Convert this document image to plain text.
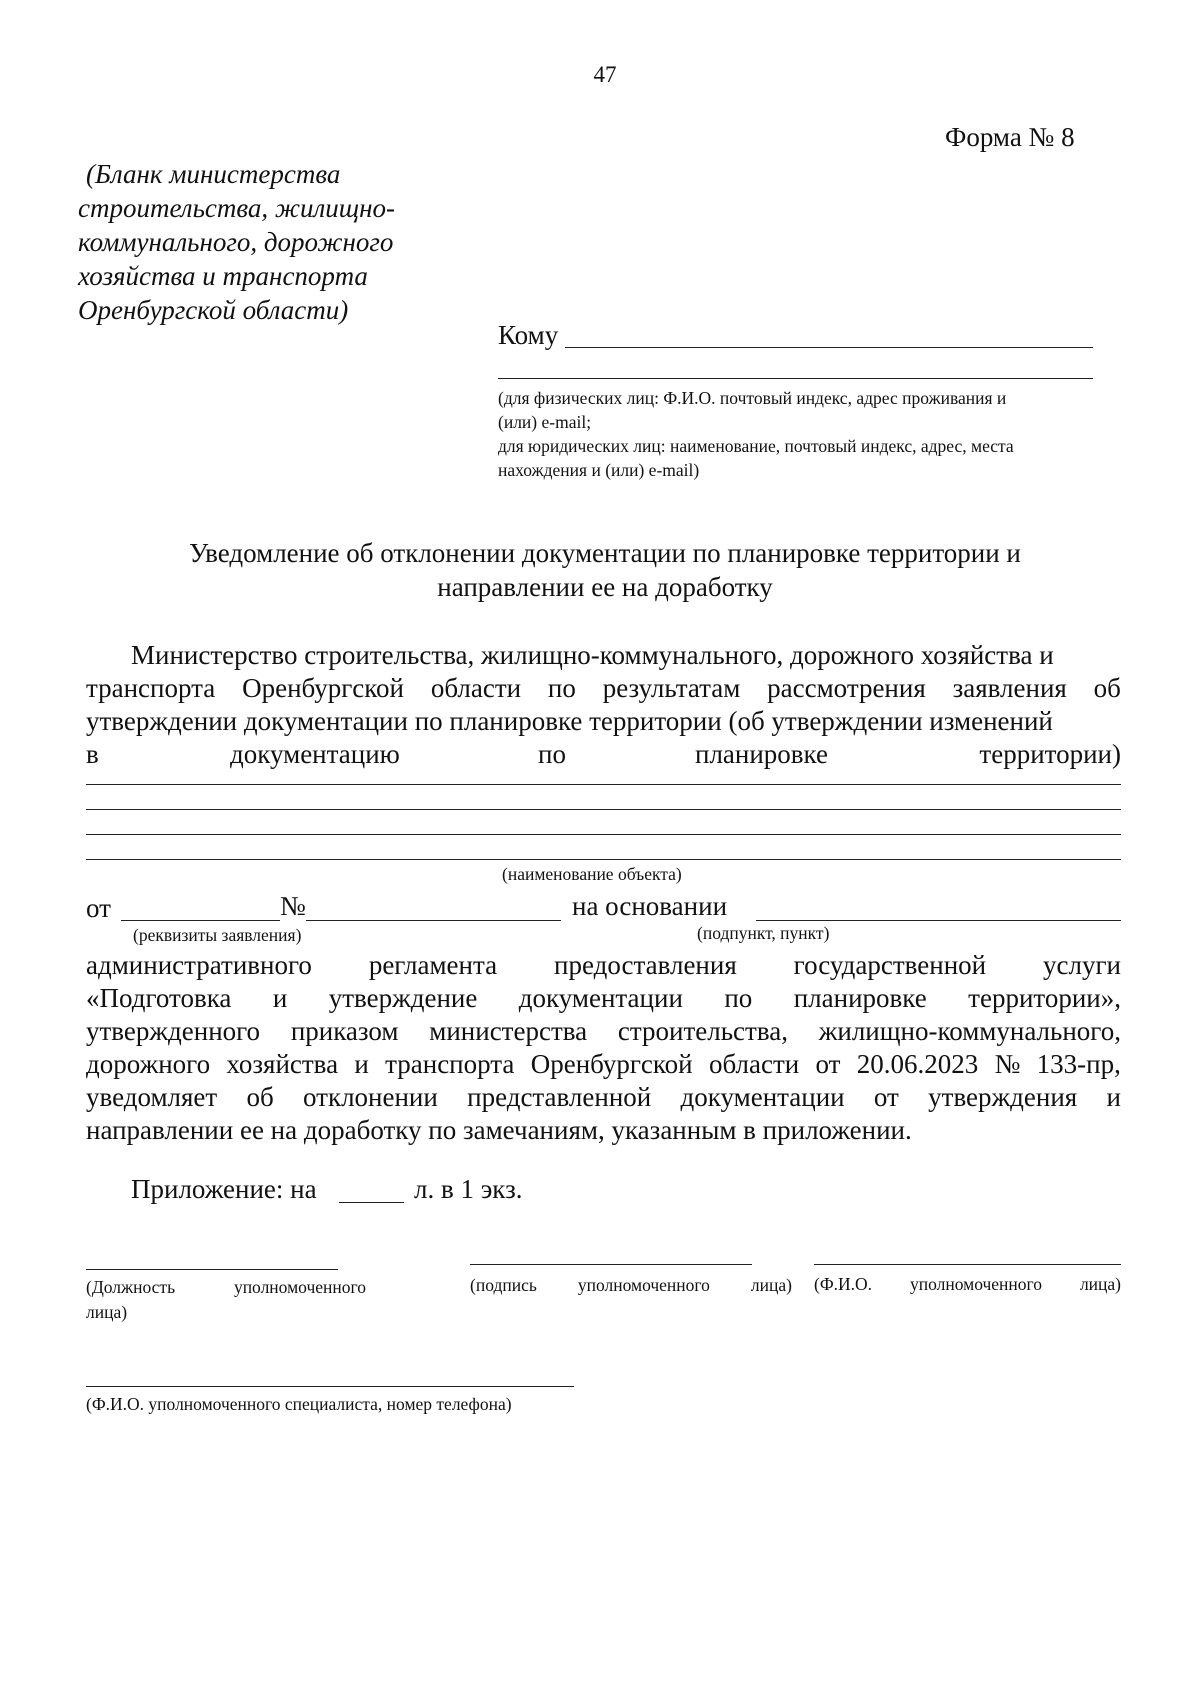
47
Форма № 8
(Бланк министерства
строительства, жилищно-
коммунального, дорожного
хозяйства и транспорта
Оренбургской области)
Кому
(для физических лиц: Ф.И.О. почтовый индекс, адрес проживания и
(или) e-mail;
для юридических лиц: наименование, почтовый индекс, адрес, места
нахождения и (или) e-mail)
Уведомление об отклонении документации по планировке территории и
направлении ее на доработку
Министерство строительства, жилищно-коммунального, дорожного хозяйства и
транспорта Оренбургской области по результатам рассмотрения заявления об
утверждении документации по планировке территории (об утверждении изменений
в	документацию	по	планировке	территории)
(наименование объекта)
от	№	на основании
(реквизиты заявления)	(подпункт, пункт)
административного регламента предоставления государственной услуги
«Подготовка и утверждение документации по планировке территории»,
утвержденного приказом министерства строительства, жилищно-коммунального,
дорожного хозяйства и транспорта Оренбургской области от 20.06.2023 № 133-пр,
уведомляет об отклонении представленной документации от утверждения и
направлении ее на доработку по замечаниям, указанным в приложении.
Приложение: на	л. в 1 экз.
(Должность	уполномоченного
лица)
(подпись уполномоченного лица) (Ф.И.О. уполномоченного лица)
(Ф.И.О. уполномоченного специалиста, номер телефона)
